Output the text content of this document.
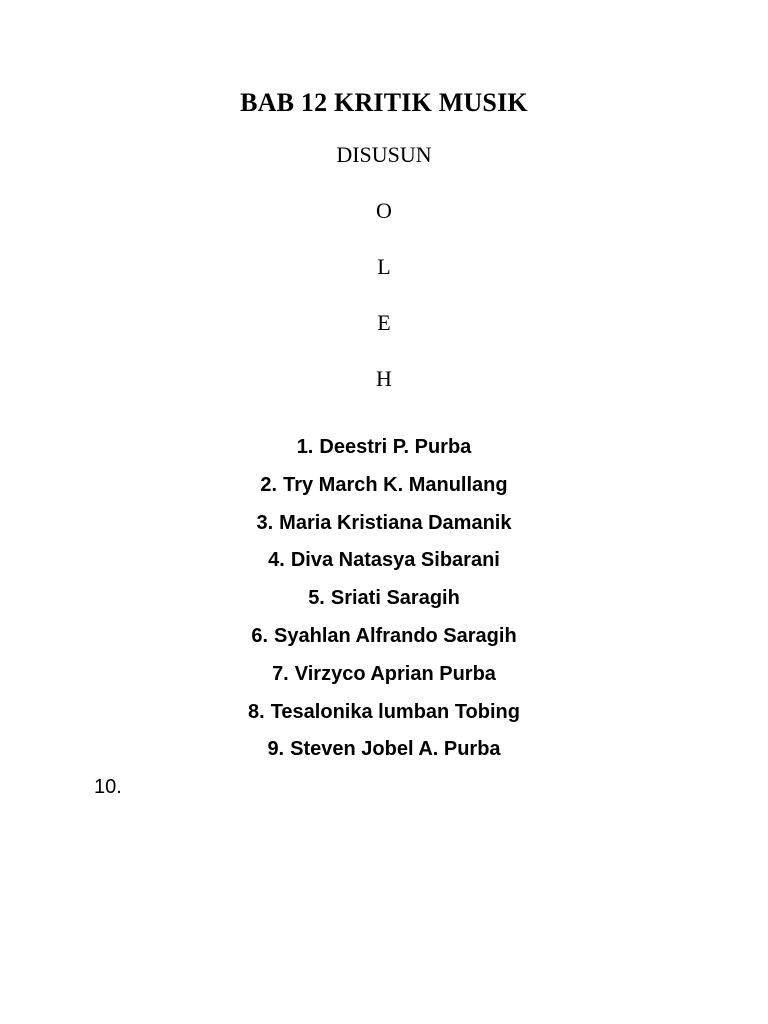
BAB 12 KRITIK MUSIK
DISUSUN
O
L
E
H
1. Deestri P. Purba
2. Try March K. Manullang
3. Maria Kristiana Damanik
4. Diva Natasya Sibarani
5. Sriati Saragih
6. Syahlan Alfrando Saragih
7. Virzyco Aprian Purba
8. Tesalonika lumban Tobing
9. Steven Jobel A. Purba
10.
